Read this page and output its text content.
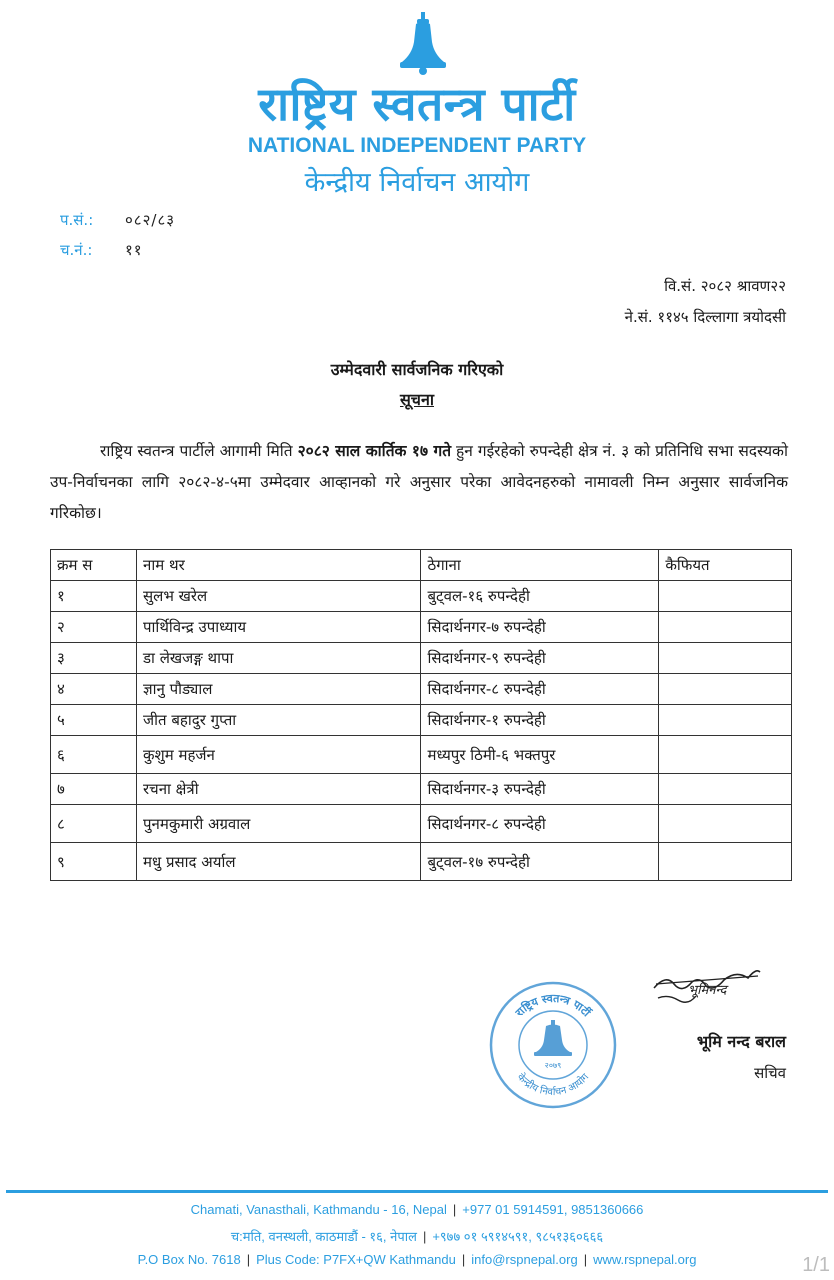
राष्ट्रिय स्वतन्त्र पार्टी
NATIONAL INDEPENDENT PARTY
केन्द्रीय निर्वाचन आयोग
प.सं.: ०८२/८३
च.नं.: ११
वि.सं. २०८२ श्रावण२२
ने.सं. ११४५ दिल्लागा त्रयोदसी
उम्मेदवारी सार्वजनिक गरिएको
सूचना
राष्ट्रिय स्वतन्त्र पार्टीले आगामी मिति २०८२ साल कार्तिक १७ गते हुन गईरहेको रुपन्देही क्षेत्र नं. ३ को प्रतिनिधि सभा सदस्यको उप-निर्वाचनका लागि २०८२-४-५मा उम्मेदवार आव्हानको गरे अनुसार परेका आवेदनहरुको नामावली निम्न अनुसार सार्वजनिक गरिकोछ।
क्रम स	नाम थर	ठेगाना	कैफियत
१	सुलभ खरेल	बुट्वल-१६ रुपन्देही	
२	पार्थिविन्द्र उपाध्याय	सिदार्थनगर-७ रुपन्देही	
३	डा लेखजङ्ग थापा	सिदार्थनगर-९ रुपन्देही	
४	ज्ञानु पौड्याल	सिदार्थनगर-८ रुपन्देही	
५	जीत बहादुर गुप्ता	सिदार्थनगर-१ रुपन्देही	
६	कुशुम महर्जन	मध्यपुर ठिमी-६ भक्तपुर	
७	रचना क्षेत्री	सिदार्थनगर-३ रुपन्देही	
८	पुनमकुमारी अग्रवाल	सिदार्थनगर-८ रुपन्देही	
९	मधु प्रसाद अर्याल	बुट्वल-१७ रुपन्देही	
राष्ट्रिय स्वतन्त्र पार्टी
केन्द्रीय निर्वाचन आयोग
२०७९
भूमिनन्द
भूमि नन्द बराल
सचिव
Chamati, Vanasthali, Kathmandu - 16, Nepal | +977 01 5914591, 9851360666
च:मति, वनस्थली, काठमाडौं - १६, नेपाल | +९७७ ०१ ५९१४५९१, ९८५१३६०६६६
P.O Box No. 7618 | Plus Code: P7FX+QW Kathmandu | info@rspnepal.org | www.rspnepal.org	1/1
